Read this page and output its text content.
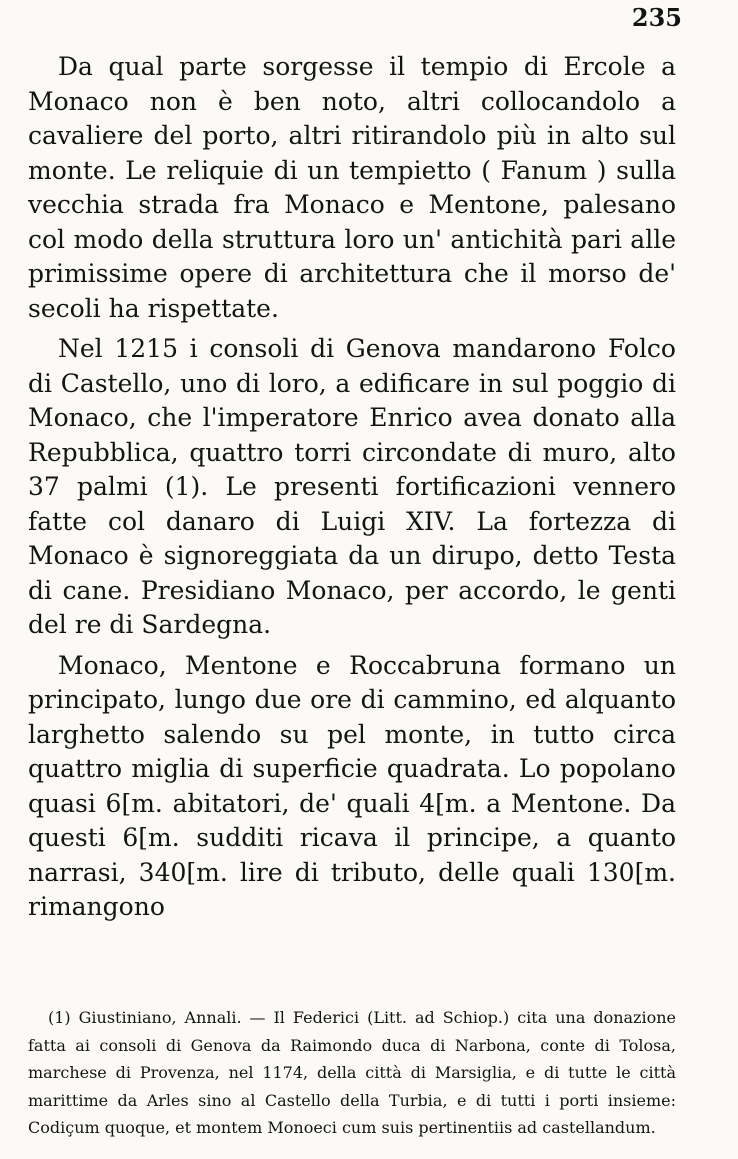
235

Da qual parte sorgesse il tempio di Ercole a Monaco non è ben noto, altri collocandolo a cavaliere del porto, altri ritirandolo più in alto sul monte. Le reliquie di un tempietto ( Fanum ) sulla vecchia strada fra Monaco e Mentone, palesano col modo della struttura loro un' antichità pari alle primissime opere di architettura che il morso de' secoli ha rispettate.

Nel 1215 i consoli di Genova mandarono Folco di Castello, uno di loro, a edificare in sul poggio di Monaco, che l'imperatore Enrico avea donato alla Repubblica, quattro torri circondate di muro, alto 37 palmi (1). Le presenti fortificazioni vennero fatte col danaro di Luigi XIV. La fortezza di Monaco è signoreggiata da un dirupo, detto Testa di cane. Presidiano Monaco, per accordo, le genti del re di Sardegna.

Monaco, Mentone e Roccabruna formano un principato, lungo due ore di cammino, ed alquanto larghetto salendo su pel monte, in tutto circa quattro miglia di superficie quadrata. Lo popolano quasi 6[m. abitatori, de' quali 4[m. a Mentone. Da questi 6[m. sudditi ricava il principe, a quanto narrasi, 340[m. lire di tributo, delle quali 130[m. rimangono

(1) Giustiniano, Annali. — Il Federici (Litt. ad Schiop.) cita una donazione fatta ai consoli di Genova da Raimondo duca di Narbona, conte di Tolosa, marchese di Provenza, nel 1174, della città di Marsiglia, e di tutte le città marittime da Arles sino al Castello della Turbia, e di tutti i porti insieme: Codiçum quoque, et montem Monoeci cum suis pertinentiis ad castellandum.
